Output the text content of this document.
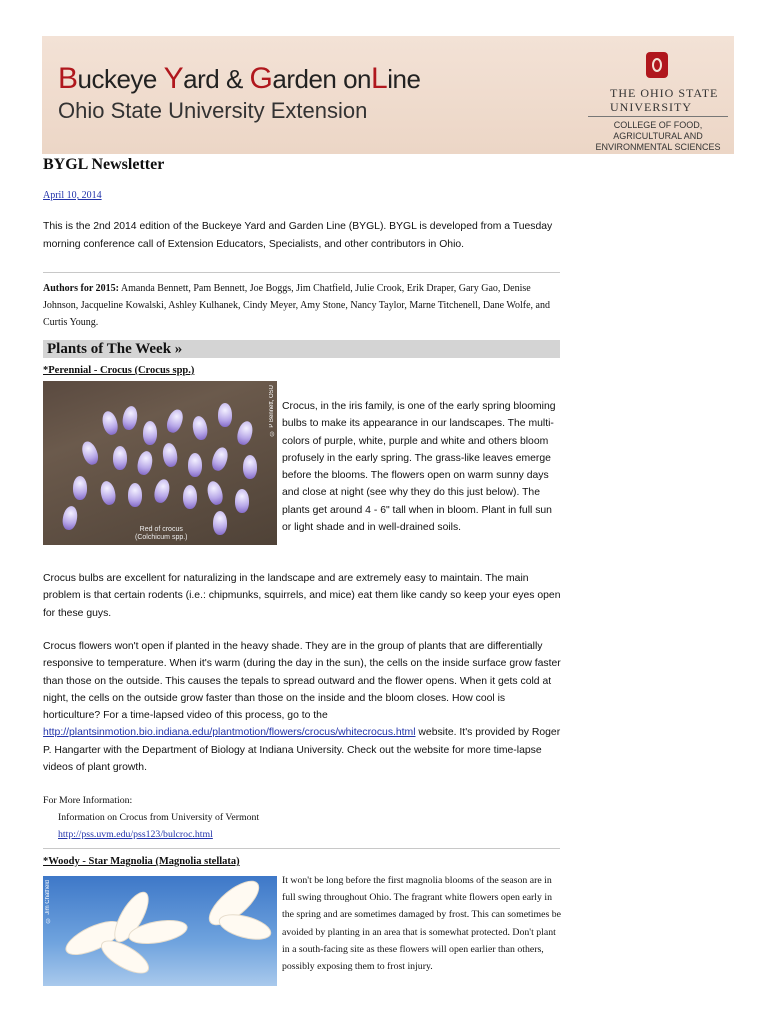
Buckeye Yard & Garden onLine
Ohio State University Extension
THE OHIO STATE
UNIVERSITY
COLLEGE OF FOOD, AGRICULTURAL AND ENVIRONMENTAL SCIENCES
BYGL Newsletter
April 10, 2014
This is the 2nd 2014 edition of the Buckeye Yard and Garden Line (BYGL). BYGL is developed from a Tuesday morning conference call of Extension Educators, Specialists, and other contributors in Ohio.
Authors for 2015: Amanda Bennett, Pam Bennett, Joe Boggs, Jim Chatfield, Julie Crook, Erik Draper, Gary Gao, Denise Johnson, Jacqueline Kowalski, Ashley Kulhanek, Cindy Meyer, Amy Stone, Nancy Taylor, Marne Titchenell, Dane Wolfe, and Curtis Young.
Plants of The Week »
*Perennial - Crocus (Crocus spp.)
© P Bennett, OSU
Red of crocus
(Colchicum spp.)
Crocus, in the iris family, is one of the early spring blooming bulbs to make its appearance in our landscapes. The multi-colors of purple, white, purple and white and others bloom profusely in the early spring. The grass-like leaves emerge before the blooms. The flowers open on warm sunny days and close at night (see why they do this just below). The plants get around 4 - 6" tall when in bloom. Plant in full sun or light shade and in well-drained soils.
Crocus bulbs are excellent for naturalizing in the landscape and are extremely easy to maintain. The main problem is that certain rodents (i.e.: chipmunks, squirrels, and mice) eat them like candy so keep your eyes open for these guys.
Crocus flowers won't open if planted in the heavy shade. They are in the group of plants that are differentially responsive to temperature. When it's warm (during the day in the sun), the cells on the inside surface grow faster than those on the outside. This causes the tepals to spread outward and the flower opens. When it gets cold at night, the cells on the outside grow faster than those on the inside and the bloom closes. How cool is horticulture? For a time-lapsed video of this process, go to the http://plantsinmotion.bio.indiana.edu/plantmotion/flowers/crocus/whitecrocus.html website. It's provided by Roger P. Hangarter with the Department of Biology at Indiana University. Check out the website for more time-lapse videos of plant growth.
For More Information:
Information on Crocus from University of Vermont
http://pss.uvm.edu/pss123/bulcroc.html
*Woody - Star Magnolia (Magnolia stellata)
© Jim Chatfield	It won't be long before the first magnolia blooms of the season are in full swing throughout Ohio. The fragrant white flowers open early in the spring and are sometimes damaged by frost. This can sometimes be avoided by planting in an area that is somewhat protected. Don't plant in a south-facing site as these flowers will open earlier than others, possibly exposing them to frost injury.
